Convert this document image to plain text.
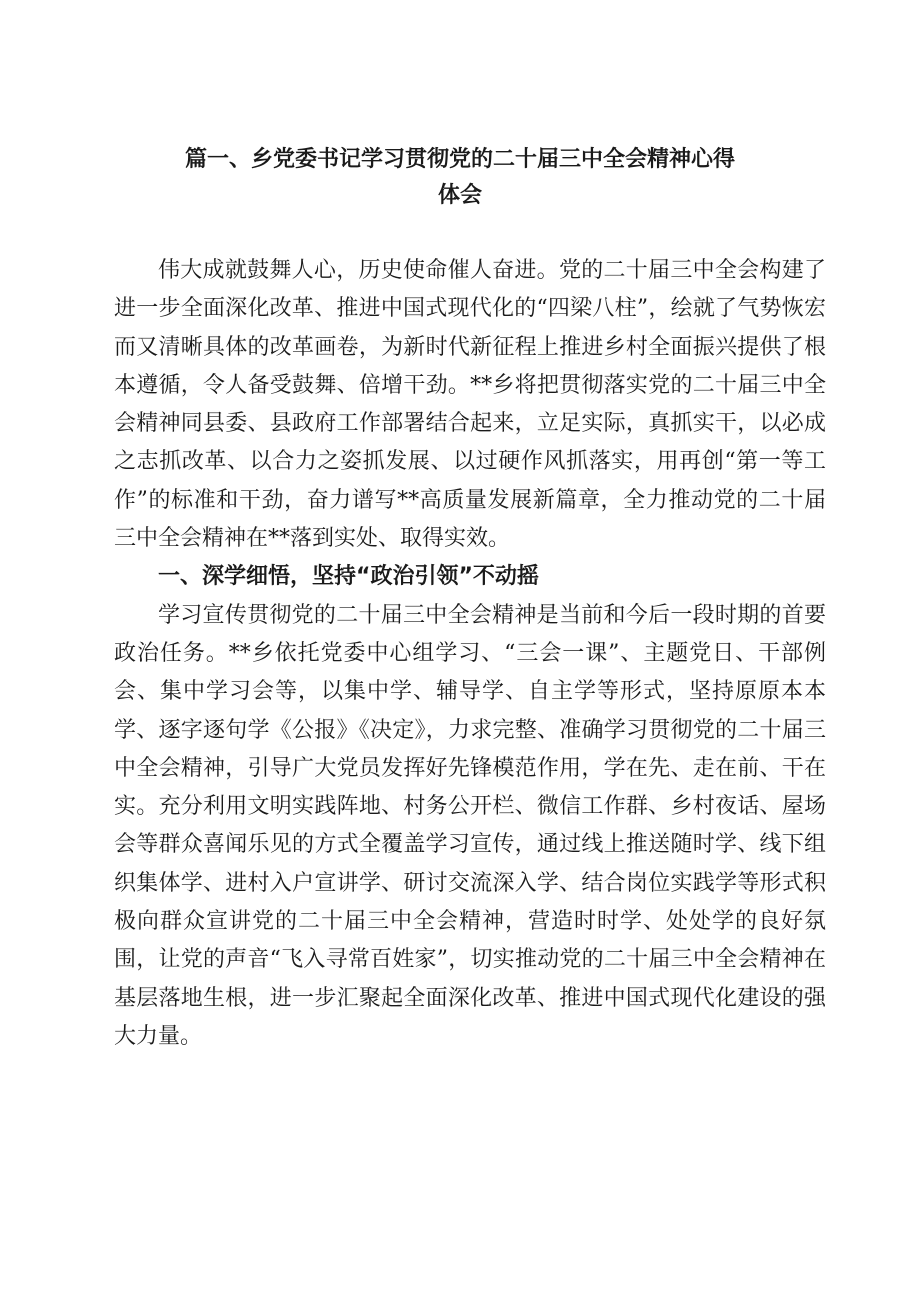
篇一、乡党委书记学习贯彻党的二十届三中全会精神心得
体会

伟大成就鼓舞人心，历史使命催人奋进。党的二十届三中全会构建了进一步全面深化改革、推进中国式现代化的“四梁八柱”，绘就了气势恢宏而又清晰具体的改革画卷，为新时代新征程上推进乡村全面振兴提供了根本遵循，令人备受鼓舞、倍增干劲。**乡将把贯彻落实党的二十届三中全会精神同县委、县政府工作部署结合起来，立足实际，真抓实干，以必成之志抓改革、以合力之姿抓发展、以过硬作风抓落实，用再创“第一等工作”的标准和干劲，奋力谱写**高质量发展新篇章，全力推动党的二十届三中全会精神在**落到实处、取得实效。

一、深学细悟，坚持“政治引领”不动摇

学习宣传贯彻党的二十届三中全会精神是当前和今后一段时期的首要政治任务。**乡依托党委中心组学习、“三会一课”、主题党日、干部例会、集中学习会等，以集中学、辅导学、自主学等形式，坚持原原本本学、逐字逐句学《公报》《决定》，力求完整、准确学习贯彻党的二十届三中全会精神，引导广大党员发挥好先锋模范作用，学在先、走在前、干在实。充分利用文明实践阵地、村务公开栏、微信工作群、乡村夜话、屋场会等群众喜闻乐见的方式全覆盖学习宣传，通过线上推送随时学、线下组织集体学、进村入户宣讲学、研讨交流深入学、结合岗位实践学等形式积极向群众宣讲党的二十届三中全会精神，营造时时学、处处学的良好氛围，让党的声音“飞入寻常百姓家”，切实推动党的二十届三中全会精神在基层落地生根，进一步汇聚起全面深化改革、推进中国式现代化建设的强大力量。
